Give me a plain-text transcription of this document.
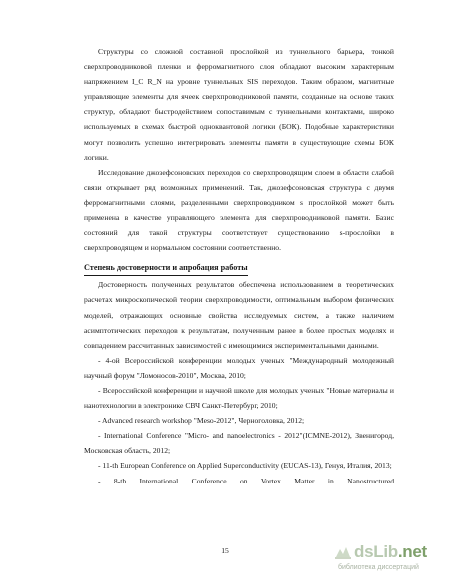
Структуры со сложной составной прослойкой из туннельного барьера, тонкой сверхпроводниковой пленки и ферромагнитного слоя обладают высоким характерным напряжением I_C R_N на уровне туннельных SIS переходов. Таким образом, магнитные управляющие элементы для ячеек сверхпроводниковой памяти, созданные на основе таких структур, обладают быстродействием сопоставимым с туннельными контактами, широко используемых в схемах быстрой одноквантовой логики (БОК). Подобные характеристики могут позволить успешно интегрировать элементы памяти в существующие схемы БОК логики.

Исследование джозефсоновских переходов со сверхпроводящим слоем в области слабой связи открывает ряд возможных применений. Так, джозефсоновская структура с двумя ферромагнитными слоями, разделенными сверхпроводником s прослойкой может быть применена в качестве управляющего элемента для сверхпроводниковой памяти. Базис состояний для такой структуры соответствует существованию s-прослойки в сверхпроводящем и нормальном состоянии соответственно.

Степень достоверности и апробация работы

Достоверность полученных результатов обеспечена использованием в теоретических расчетах микроскопической теории сверхпроводимости, оптимальным выбором физических моделей, отражающих основные свойства исследуемых систем, а также наличием асимптотических переходов к результатам, полученным ранее в более простых моделях и совпадением рассчитанных зависимостей с имеющимися экспериментальными данными.

- 4-ой Всероссийской конференции молодых ученых "Международный молодежный научный форум "Ломоносов-2010", Москва, 2010;

- Всероссийской конференции и научной школе для молодых ученых "Новые материалы и нанотехнологии в электронике СВЧ Санкт-Петербург, 2010;

- Advanced research workshop "Meso-2012", Черноголовка, 2012;

- International Conference "Micro- and nanoelectronics - 2012"(ICMNE-2012), Звенигород, Московская область, 2012;

- 11-th European Conference on Applied Superconductivity (EUCAS-13), Генуя, Италия, 2013;

- 8-th International Conference on Vortex Matter in Nanostructured

15	dsLib.net
библиотека диссертаций
